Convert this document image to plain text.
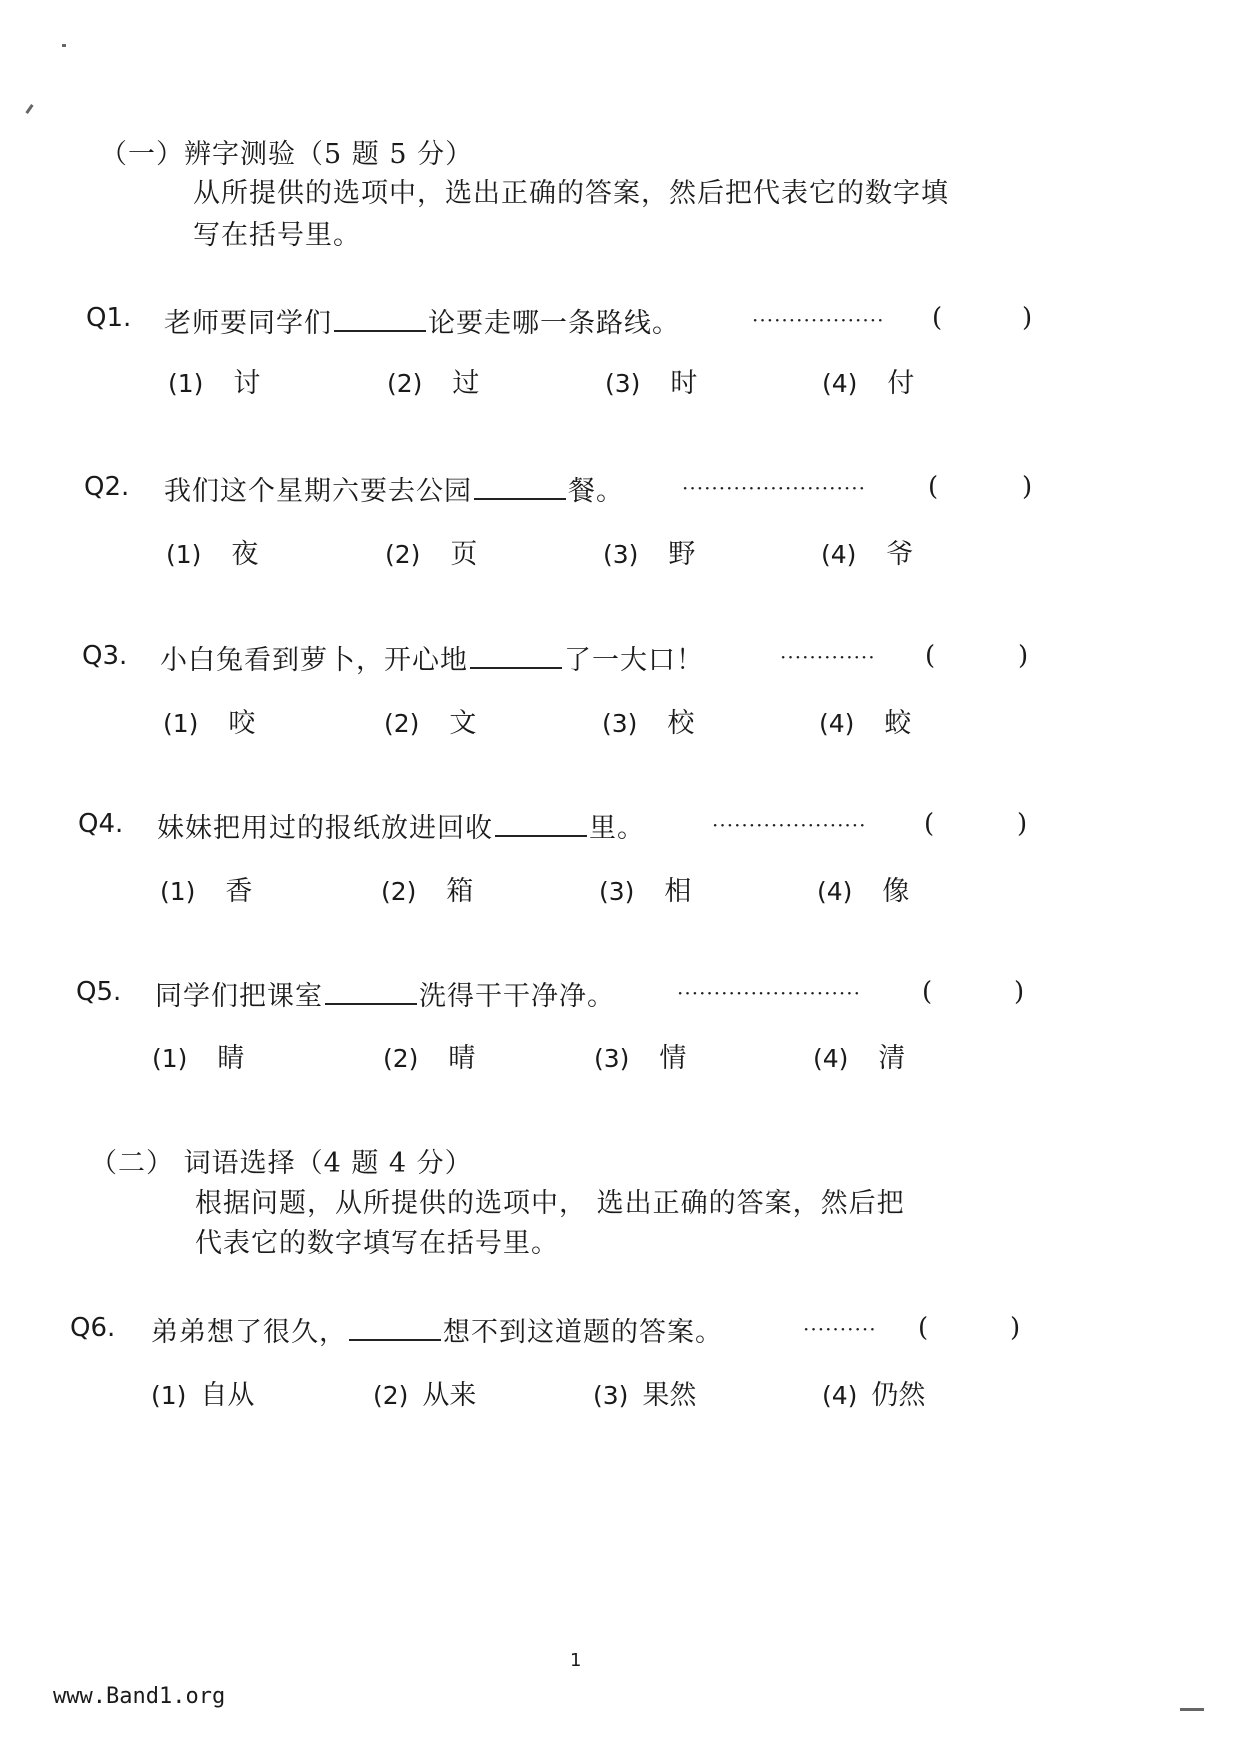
（一）辨字测验（5 题 5 分）
从所提供的选项中，选出正确的答案，然后把代表它的数字填
写在括号里。
Q1. 老师要同学们	论要走哪一条路线。	·················· (	)
(1) 讨	(2) 过	(3) 时	(4) 付
Q2. 我们这个星期六要去公园	餐。	························· (	)
(1) 夜	(2) 页	(3) 野	(4) 爷
Q3. 小白兔看到萝卜，开心地	了一大口！	············· (	)
(1) 咬	(2) 文	(3) 校	(4) 蛟
Q4. 妹妹把用过的报纸放进回收	里。	····················· (	)
(1) 香	(2) 箱	(3) 相	(4) 像
Q5. 同学们把课室	洗得干干净净。	························· (	)
(1) 睛	(2) 晴	(3) 情	(4) 清
（二） 词语选择（4 题 4 分）
根据问题，从所提供的选项中， 选出正确的答案，然后把
代表它的数字填写在括号里。
Q6. 弟弟想了很久，	想不到这道题的答案。	·········· (	)
(1) 自从	(2) 从来	(3) 果然	(4) 仍然
1
www.Band1.org
